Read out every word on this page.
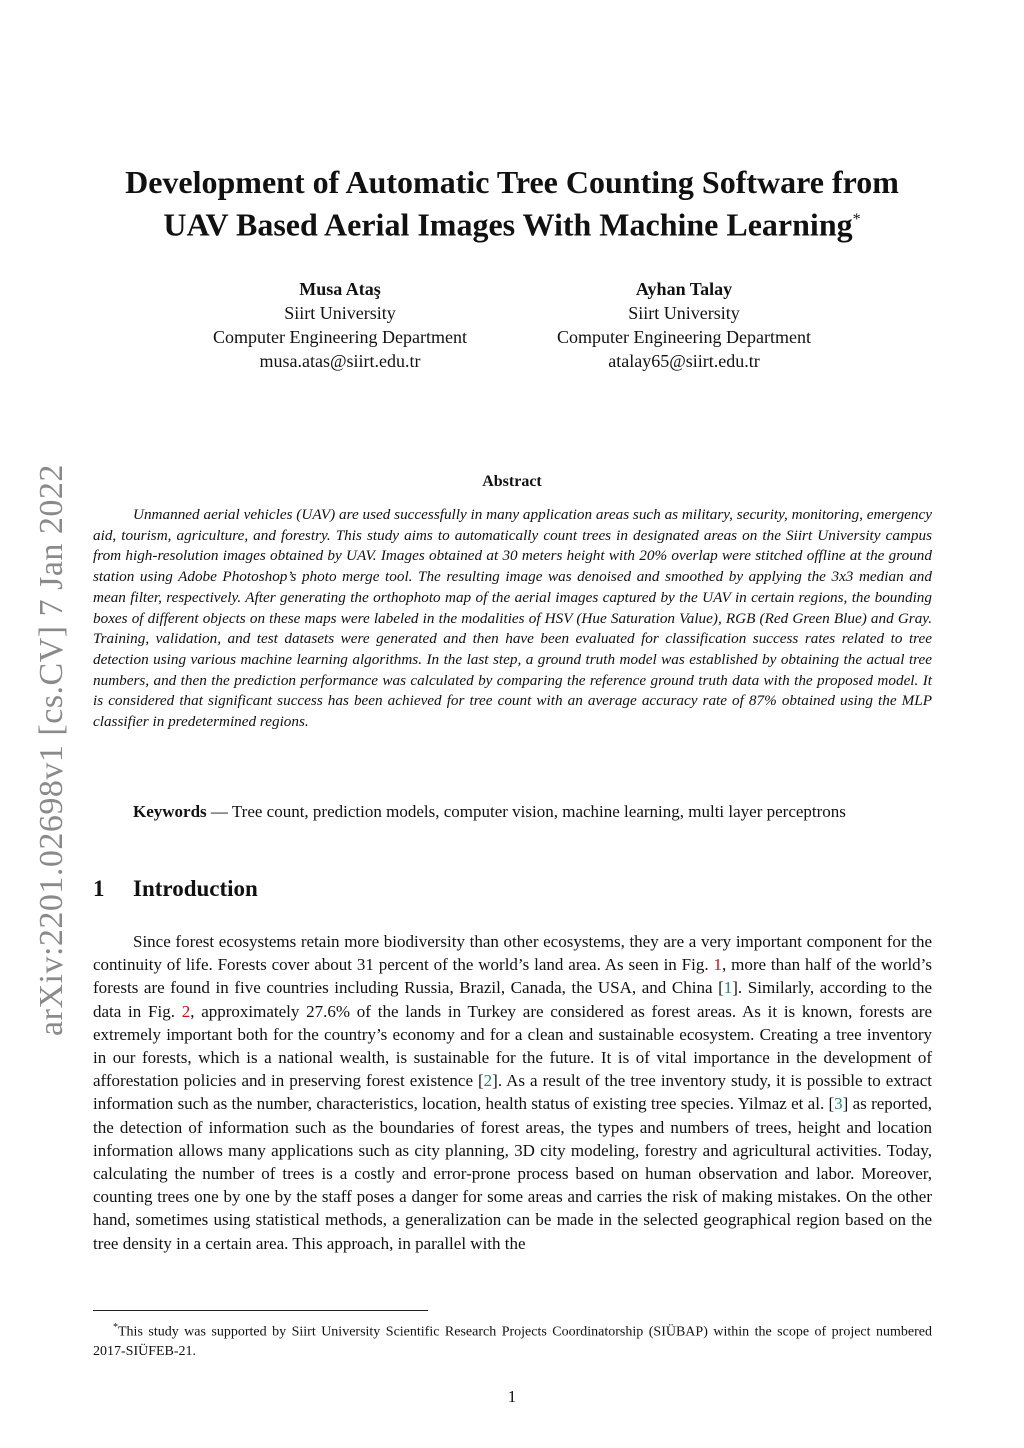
arXiv:2201.02698v1 [cs.CV] 7 Jan 2022
Development of Automatic Tree Counting Software from
UAV Based Aerial Images With Machine Learning*
Musa Ataş
Siirt University
Computer Engineering Department
musa.atas@siirt.edu.tr
Ayhan Talay
Siirt University
Computer Engineering Department
atalay65@siirt.edu.tr
Abstract

Unmanned aerial vehicles (UAV) are used successfully in many application areas such as military, security, monitoring, emergency aid, tourism, agriculture, and forestry. This study aims to automatically count trees in designated areas on the Siirt University campus from high-resolution images obtained by UAV. Images obtained at 30 meters height with 20% overlap were stitched offline at the ground station using Adobe Photoshop’s photo merge tool. The resulting image was denoised and smoothed by applying the 3x3 median and mean filter, respectively. After generating the orthophoto map of the aerial images captured by the UAV in certain regions, the bounding boxes of different objects on these maps were labeled in the modalities of HSV (Hue Saturation Value), RGB (Red Green Blue) and Gray. Training, validation, and test datasets were generated and then have been evaluated for classification success rates related to tree detection using various machine learning algorithms. In the last step, a ground truth model was established by obtaining the actual tree numbers, and then the prediction performance was calculated by comparing the reference ground truth data with the proposed model. It is considered that significant success has been achieved for tree count with an average accuracy rate of 87% obtained using the MLP classifier in predetermined regions.

Keywords — Tree count, prediction models, computer vision, machine learning, multi layer perceptrons

1 Introduction

Since forest ecosystems retain more biodiversity than other ecosystems, they are a very important component for the continuity of life. Forests cover about 31 percent of the world’s land area. As seen in Fig. 1, more than half of the world’s forests are found in five countries including Russia, Brazil, Canada, the USA, and China [1]. Similarly, according to the data in Fig. 2, approximately 27.6% of the lands in Turkey are considered as forest areas. As it is known, forests are extremely important both for the country’s economy and for a clean and sustainable ecosystem. Creating a tree inventory in our forests, which is a national wealth, is sustainable for the future. It is of vital importance in the development of afforestation policies and in preserving forest existence [2]. As a result of the tree inventory study, it is possible to extract information such as the number, characteristics, location, health status of existing tree species. Yilmaz et al. [3] as reported, the detection of information such as the boundaries of forest areas, the types and numbers of trees, height and location information allows many applications such as city planning, 3D city modeling, forestry and agricultural activities. Today, calculating the number of trees is a costly and error-prone process based on human observation and labor. Moreover, counting trees one by one by the staff poses a danger for some areas and carries the risk of making mistakes. On the other hand, sometimes using statistical methods, a generalization can be made in the selected geographical region based on the tree density in a certain area. This approach, in parallel with the

*This study was supported by Siirt University Scientific Research Projects Coordinatorship (SIÜBAP) within the scope of project numbered 2017-SIÜFEB-21.

1
